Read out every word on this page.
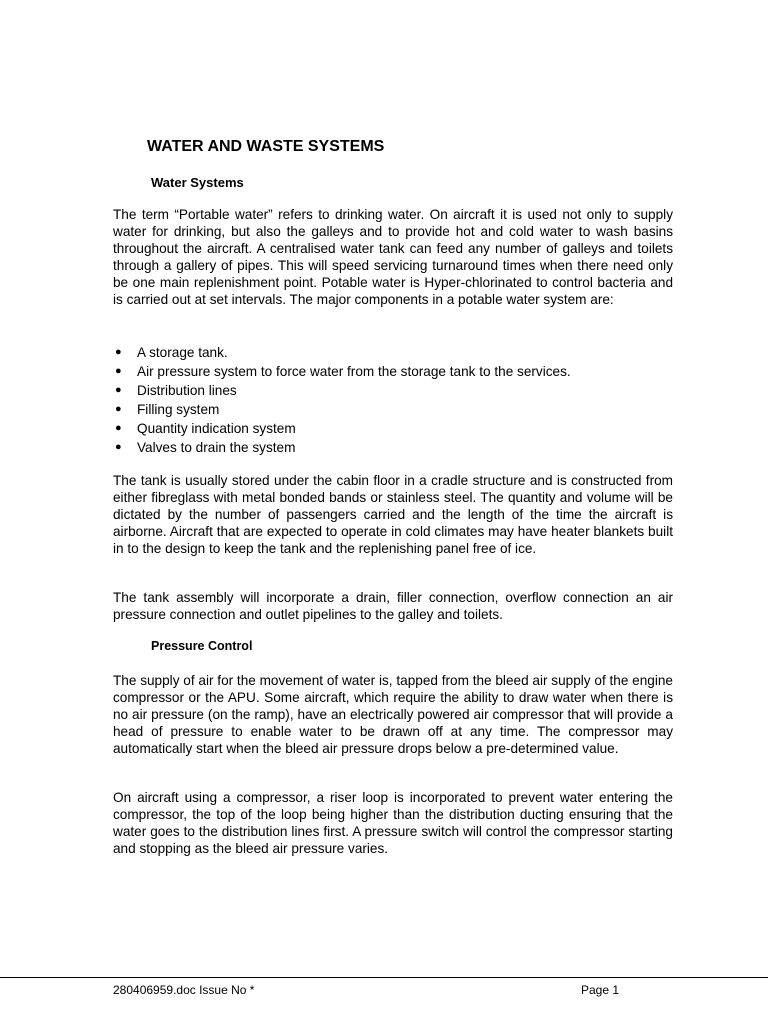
WATER AND WASTE SYSTEMS
Water Systems

The term “Portable water” refers to drinking water. On aircraft it is used not only to supply water for drinking, but also the galleys and to provide hot and cold water to wash basins throughout the aircraft. A centralised water tank can feed any number of galleys and toilets through a gallery of pipes. This will speed servicing turnaround times when there need only be one main replenishment point. Potable water is Hyper-chlorinated to control bacteria and is carried out at set intervals. The major components in a potable water system are:

● A storage tank.
● Air pressure system to force water from the storage tank to the services.
● Distribution lines
● Filling system
● Quantity indication system
● Valves to drain the system

The tank is usually stored under the cabin floor in a cradle structure and is constructed from either fibreglass with metal bonded bands or stainless steel. The quantity and volume will be dictated by the number of passengers carried and the length of the time the aircraft is airborne. Aircraft that are expected to operate in cold climates may have heater blankets built in to the design to keep the tank and the replenishing panel free of ice.

The tank assembly will incorporate a drain, filler connection, overflow connection an air pressure connection and outlet pipelines to the galley and toilets.

Pressure Control

The supply of air for the movement of water is, tapped from the bleed air supply of the engine compressor or the APU. Some aircraft, which require the ability to draw water when there is no air pressure (on the ramp), have an electrically powered air compressor that will provide a head of pressure to enable water to be drawn off at any time. The compressor may automatically start when the bleed air pressure drops below a pre-determined value.

On aircraft using a compressor, a riser loop is incorporated to prevent water entering the compressor, the top of the loop being higher than the distribution ducting ensuring that the water goes to the distribution lines first. A pressure switch will control the compressor starting and stopping as the bleed air pressure varies.

280406959.doc Issue No *	Page 1
